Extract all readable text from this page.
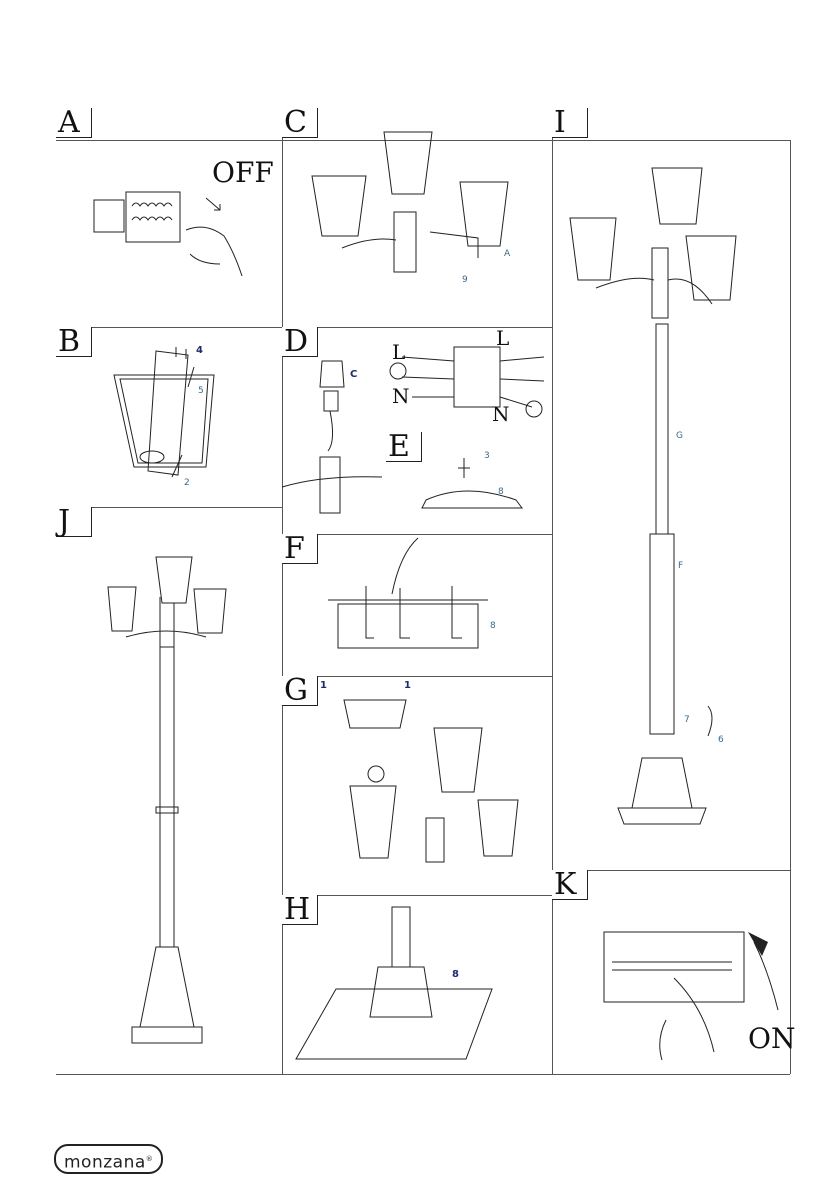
A
OFF
B	4
5
2
J
C
A
9
D
C
L
N
L
N
E	3
8
F
8
G	1	1
H
8
I
G
F
7
6
K
ON
monzana®
